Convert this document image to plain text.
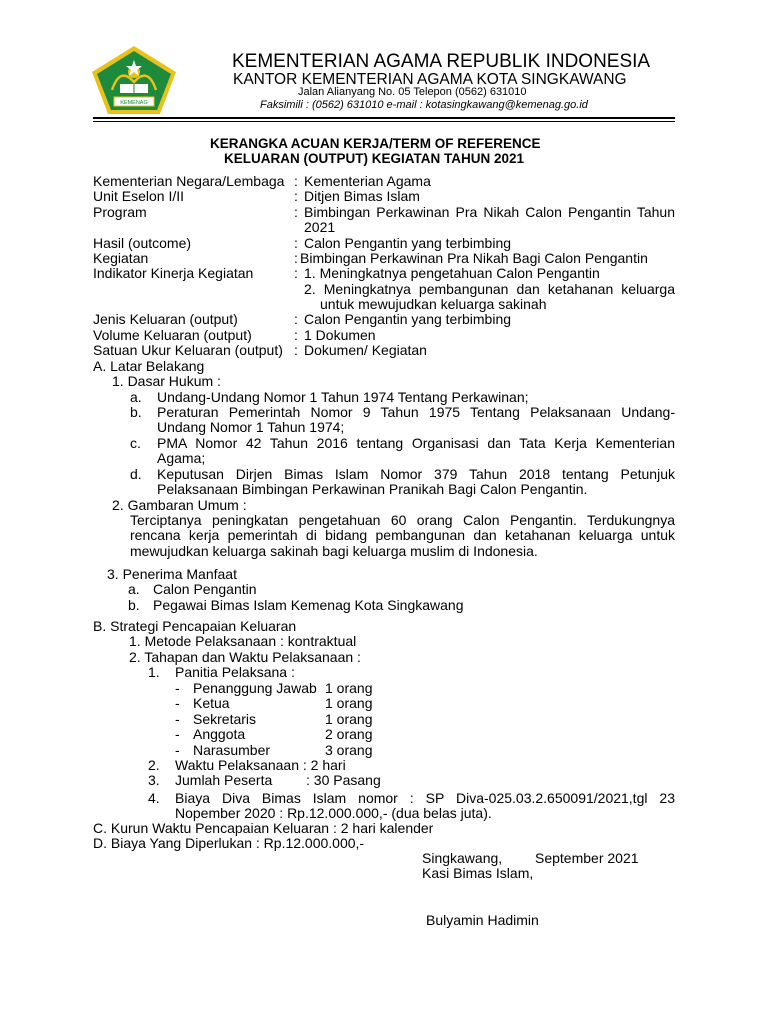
KEMENAG
KEMENTERIAN AGAMA REPUBLIK INDONESIA
KANTOR KEMENTERIAN AGAMA KOTA SINGKAWANG
Jalan Alianyang No. 05 Telepon (0562) 631010
Faksimili : (0562) 631010 e-mail : kotasingkawang@kemenag.go.id
KERANGKA ACUAN KERJA/TERM OF REFERENCE
KELUARAN (OUTPUT) KEGIATAN TAHUN 2021
Kementerian Negara/Lembaga : Kementerian Agama
Unit Eselon I/II	: Ditjen Bimas Islam
Program	: Bimbingan Perkawinan Pra Nikah Calon Pengantin Tahun
2021
Hasil (outcome)	: Calon Pengantin yang terbimbing
Kegiatan	: Bimbingan Perkawinan Pra Nikah Bagi Calon Pengantin
Indikator Kinerja Kegiatan	: 1. Meningkatnya pengetahuan Calon Pengantin
2. Meningkatnya pembangunan dan ketahanan keluarga
untuk mewujudkan keluarga sakinah
Jenis Keluaran (output)	: Calon Pengantin yang terbimbing
Volume Keluaran (output)	: 1 Dokumen
Satuan Ukur Keluaran (output) : Dokumen/ Kegiatan
A. Latar Belakang
1. Dasar Hukum :
a. Undang-Undang Nomor 1 Tahun 1974 Tentang Perkawinan;
b. Peraturan Pemerintah Nomor 9 Tahun 1975 Tentang Pelaksanaan Undang-
Undang Nomor 1 Tahun 1974;
c. PMA Nomor 42 Tahun 2016 tentang Organisasi dan Tata Kerja Kementerian
Agama;
d. Keputusan Dirjen Bimas Islam Nomor 379 Tahun 2018 tentang Petunjuk
Pelaksanaan Bimbingan Perkawinan Pranikah Bagi Calon Pengantin.
2. Gambaran Umum :
Terciptanya peningkatan pengetahuan 60 orang Calon Pengantin. Terdukungnya
rencana kerja pemerintah di bidang pembangunan dan ketahanan keluarga untuk
mewujudkan keluarga sakinah bagi keluarga muslim di Indonesia.
3. Penerima Manfaat
a. Calon Pengantin
b. Pegawai Bimas Islam Kemenag Kota Singkawang
B. Strategi Pencapaian Keluaran
1. Metode Pelaksanaan : kontraktual
2. Tahapan dan Waktu Pelaksanaan :
1. Panitia Pelaksana :
- Penanggung Jawab 1 orang
- Ketua	1 orang
- Sekretaris	1 orang
- Anggota	2 orang
- Narasumber	3 orang
2. Waktu Pelaksanaan : 2 hari
3. Jumlah Peserta : 30 Pasang
4. Biaya Diva Bimas Islam nomor : SP Diva-025.03.2.650091/2021,tgl 23
Nopember 2020 : Rp.12.000.000,- (dua belas juta).
C. Kurun Waktu Pencapaian Keluaran : 2 hari kalender
D. Biaya Yang Diperlukan : Rp.12.000.000,-
Singkawang, September 2021
Kasi Bimas Islam,
Bulyamin Hadimin
